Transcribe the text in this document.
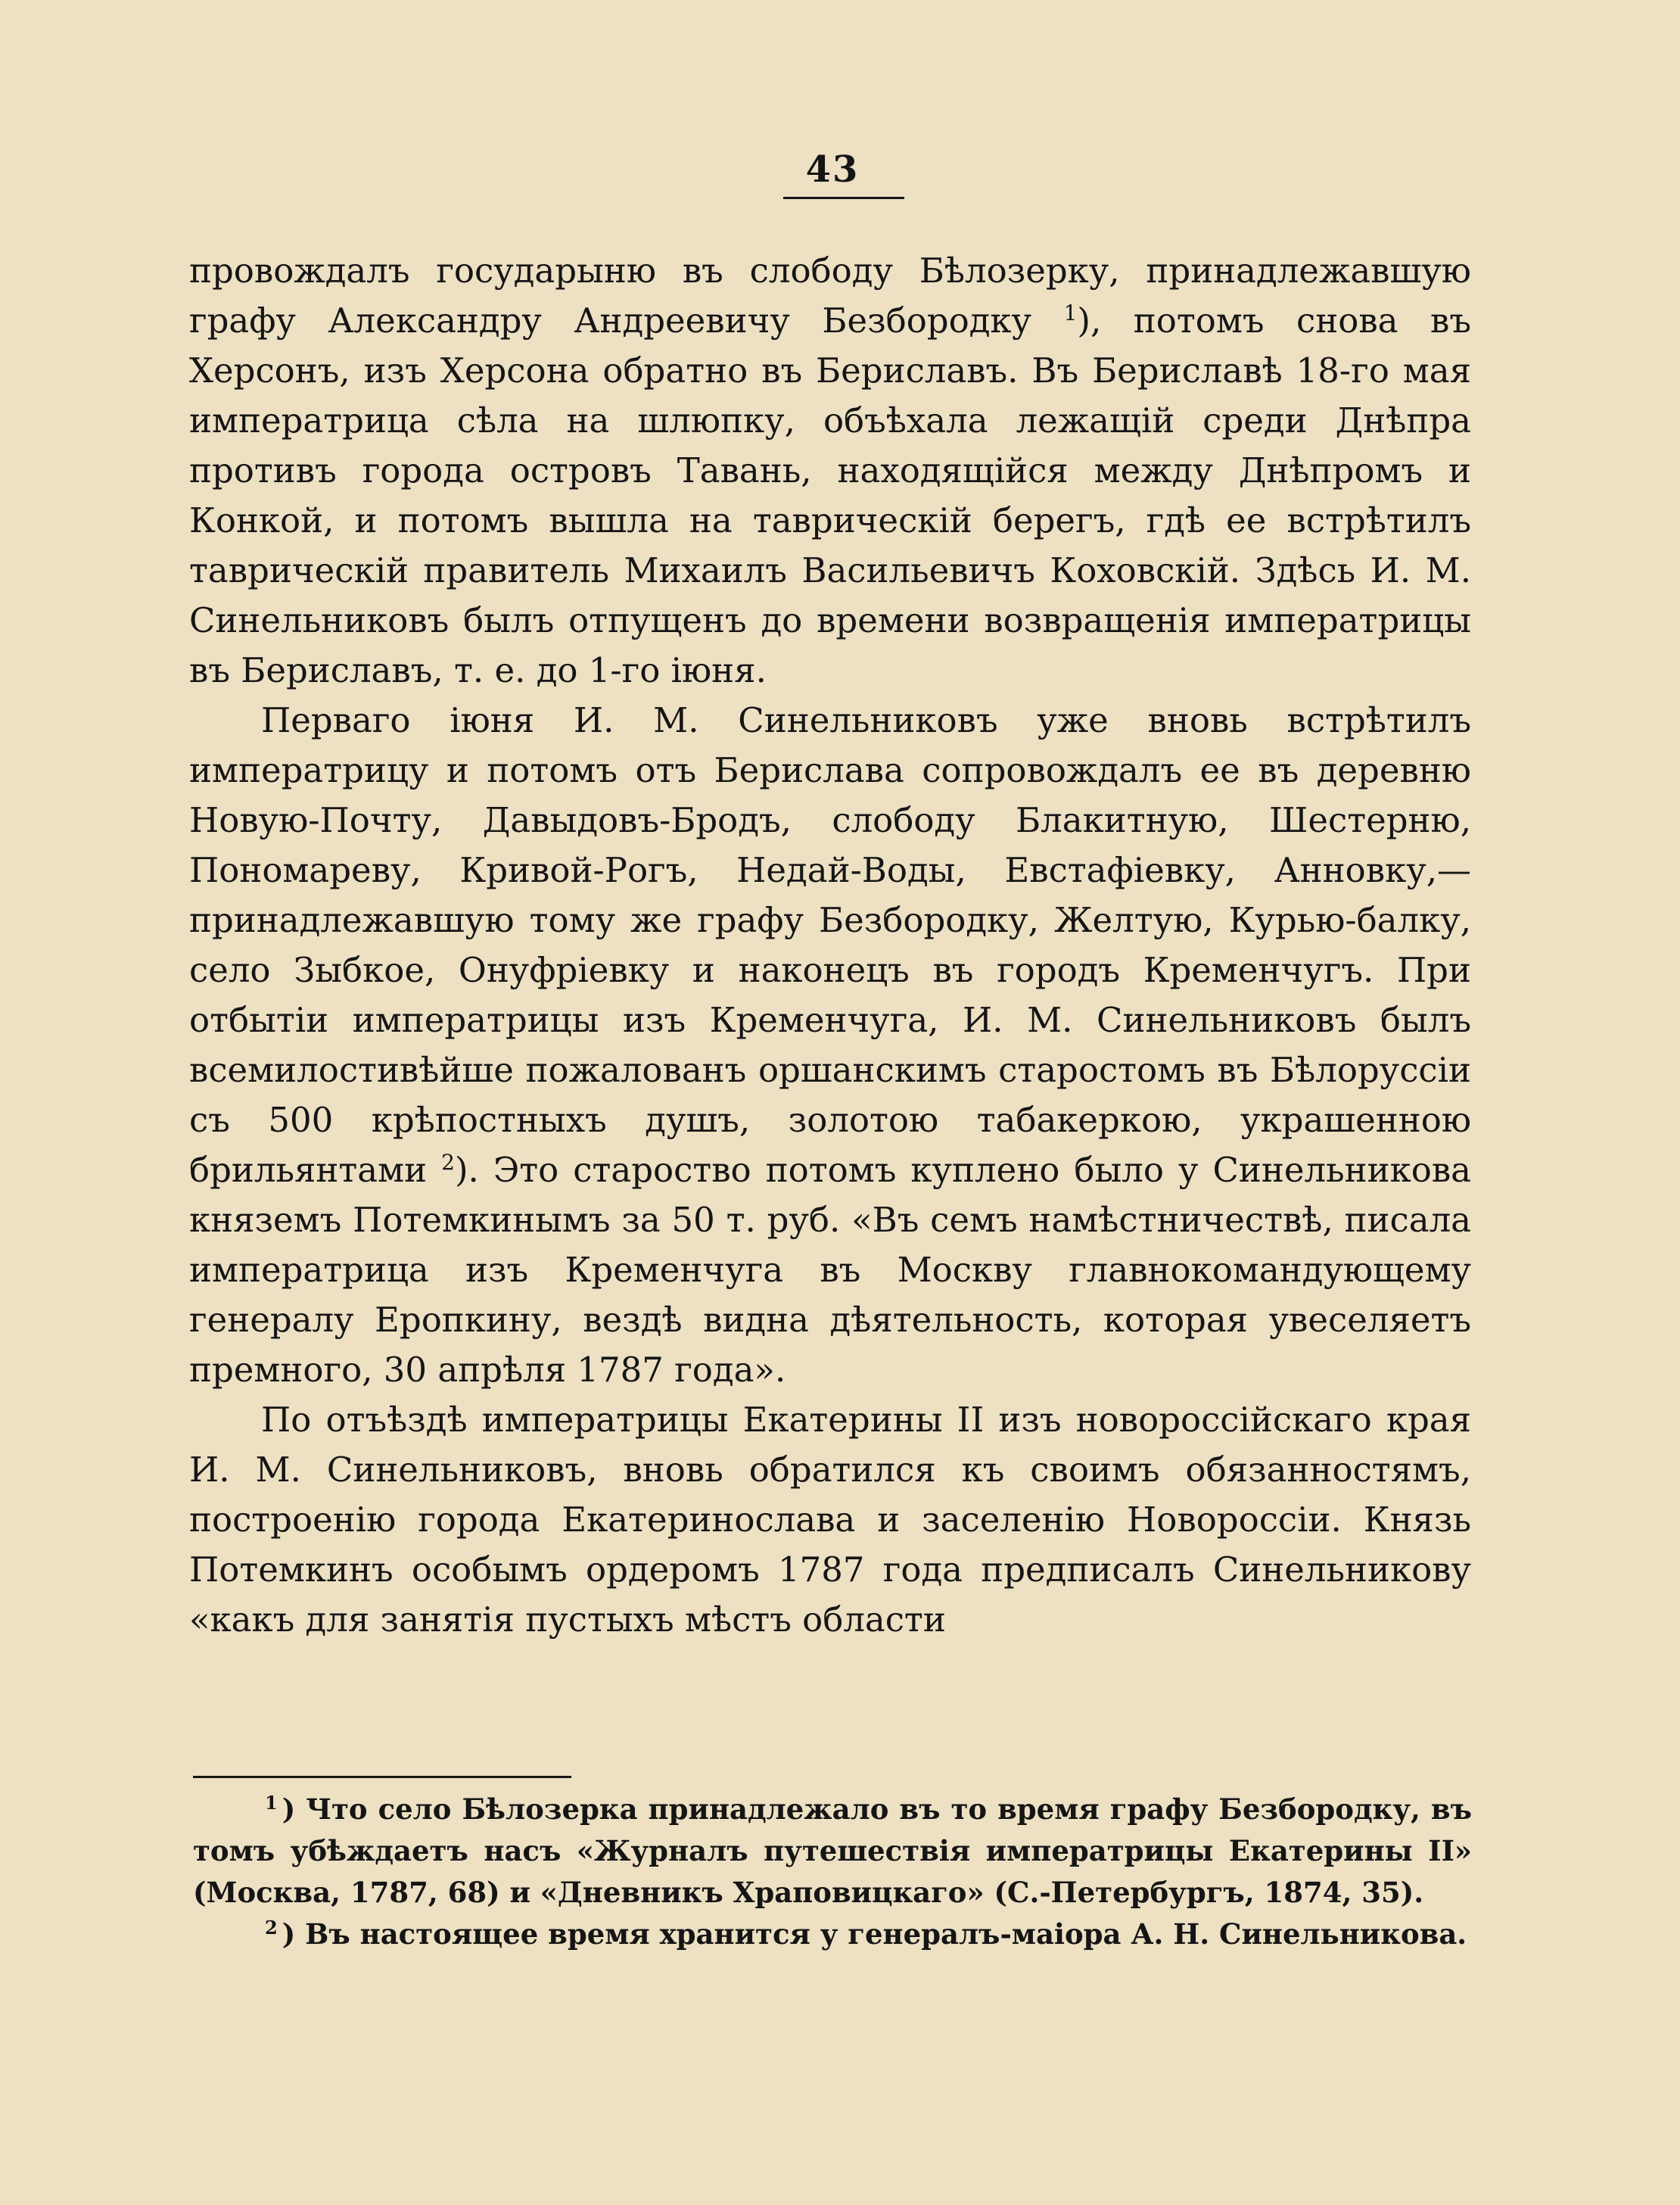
43

провождалъ государыню въ слободу Бѣлозерку, принадлежавшую графу Александру Андреевичу Безбородку $^1$), потомъ снова въ Херсонъ, изъ Херсона обратно въ Бериславъ. Въ Бериславѣ 18-го мая императрица сѣла на шлюпку, объѣхала лежащій среди Днѣпра противъ города островъ Тавань, находящійся между Днѣпромъ и Конкой, и потомъ вышла на таврическій берегъ, гдѣ ее встрѣтилъ таврическій правитель Михаилъ Васильевичъ Коховскій. Здѣсь И. М. Синельниковъ былъ отпущенъ до времени возвращенія императрицы въ Бериславъ, т. е. до 1-го іюня.

Перваго іюня И. М. Синельниковъ уже вновь встрѣтилъ императрицу и потомъ отъ Берислава сопровождалъ ее въ деревню Новую-Почту, Давыдовъ-Бродъ, слободу Блакитную, Шестерню, Пономареву, Кривой-Рогъ, Недай-Воды, Евстафіевку, Анновку,—принадлежавшую тому же графу Безбородку, Желтую, Курью-балку, село Зыбкое, Онуфріевку и наконецъ въ городъ Кременчугъ. При отбытіи императрицы изъ Кременчуга, И. М. Синельниковъ былъ всемилостивѣйше пожалованъ оршанскимъ старостомъ въ Бѣлоруссіи съ 500 крѣпостныхъ душъ, золотою табакеркою, украшенною брильянтами $^2$). Это староство потомъ куплено было у Синельникова княземъ Потемкинымъ за 50 т. руб. «Въ семъ намѣстничествѣ, писала императрица изъ Кременчуга въ Москву главнокомандующему генералу Еропкину, вездѣ видна дѣятельность, которая увеселяетъ премного, 30 апрѣля 1787 года».

По отъѣздѣ императрицы Екатерины II изъ новороссійскаго края И. М. Синельниковъ, вновь обратился къ своимъ обязанностямъ, построенію города Екатеринослава и заселенію Новороссіи. Князь Потемкинъ особымъ ордеромъ 1787 года предписалъ Синельникову «какъ для занятія пустыхъ мѣстъ области

$^1$ ) Что село Бѣлозерка принадлежало въ то время графу Безбородку, въ томъ убѣждаетъ насъ «Журналъ путешествія императрицы Екатерины II» (Москва, 1787, 68) и «Дневникъ Храповицкаго» (С.-Петербургъ, 1874, 35).

$^2$ ) Въ настоящее время хранится у генералъ-маіора А. Н. Синельникова.
